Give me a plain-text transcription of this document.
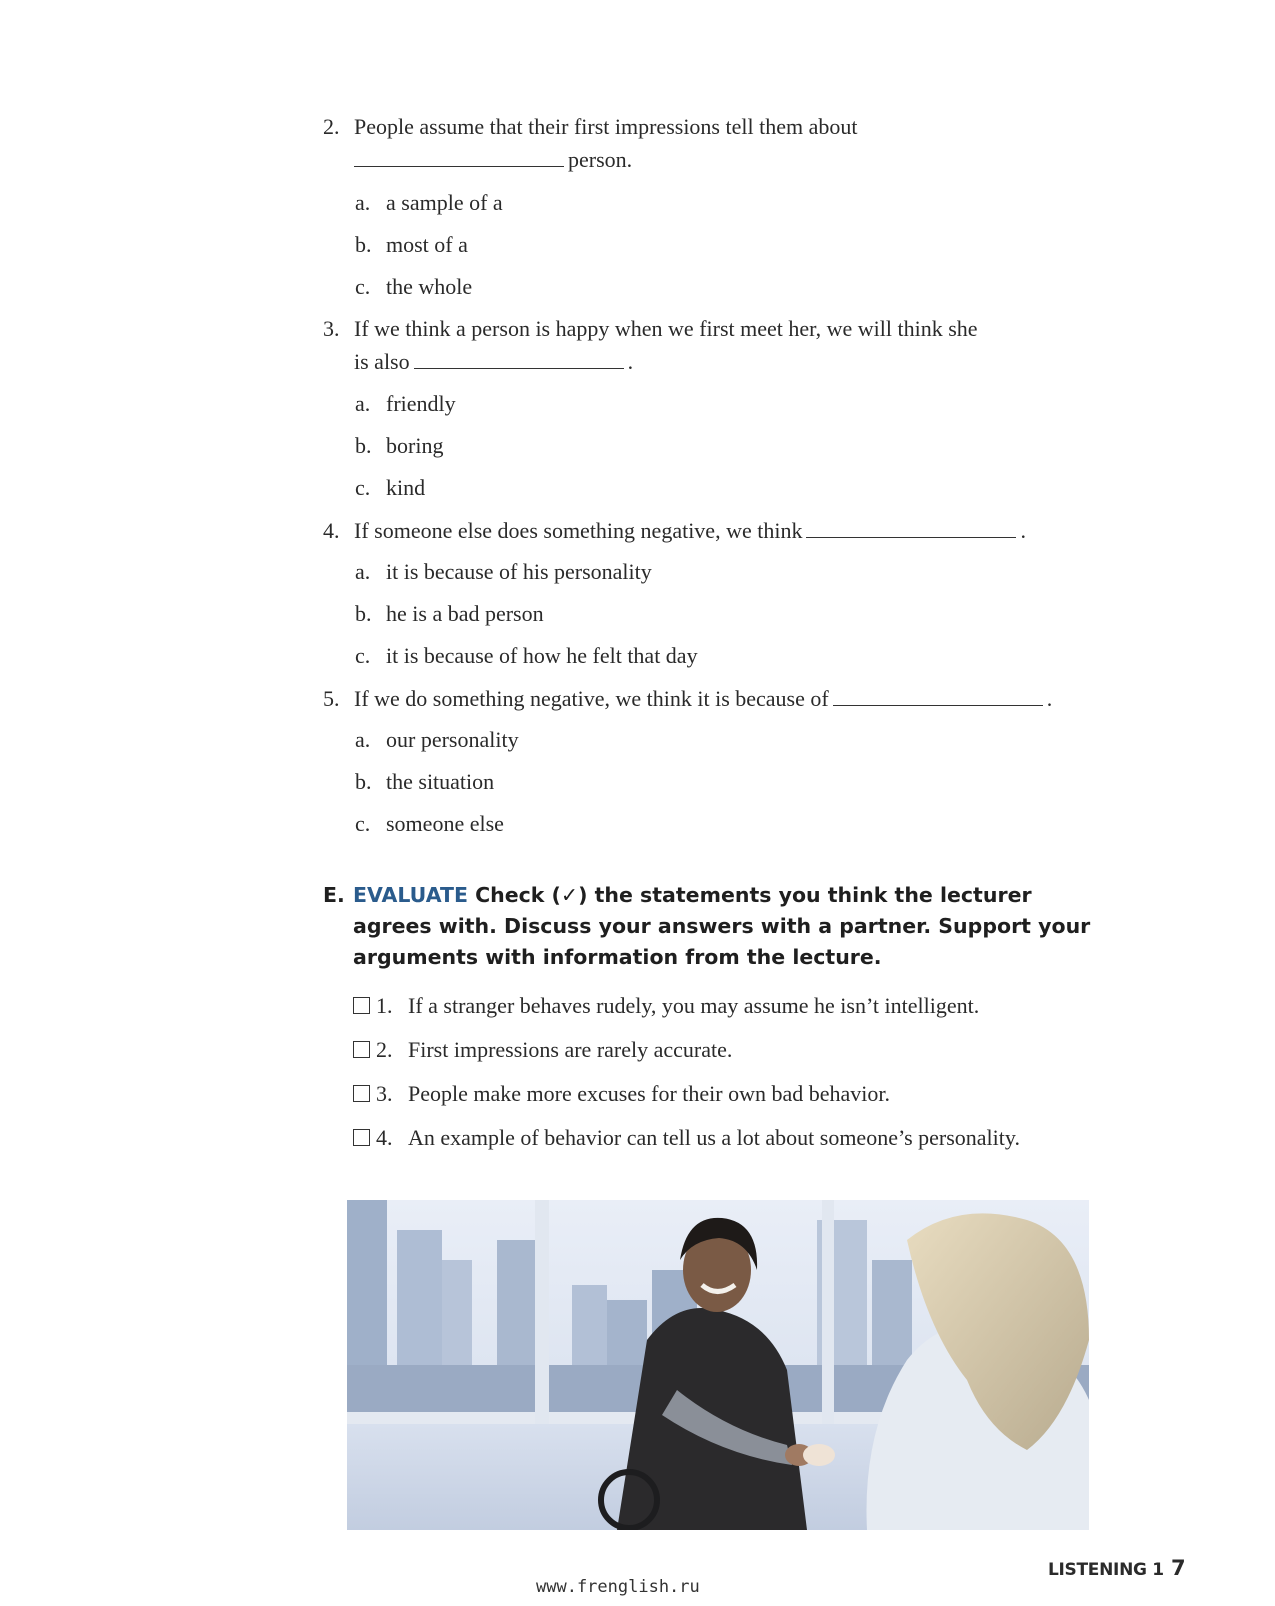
2. People assume that their first impressions tell them about
person.
a. a sample of a
b. most of a
c. the whole
3. If we think a person is happy when we first meet her, we will think she
is also	.
a. friendly
b. boring
c. kind
4. If someone else does something negative, we think	.
a. it is because of his personality
b. he is a bad person
c. it is because of how he felt that day
5. If we do something negative, we think it is because of	.
a. our personality
b. the situation
c. someone else
E. EVALUATE Check (✓) the statements you think the lecturer agrees with. Discuss your answers with a partner. Support your arguments with information from the lecture.
1. If a stranger behaves rudely, you may assume he isn’t intelligent.
2. First impressions are rarely accurate.
3. People make more excuses for their own bad behavior.
4. An example of behavior can tell us a lot about someone’s personality.
LISTENING 1 7
www.frenglish.ru
